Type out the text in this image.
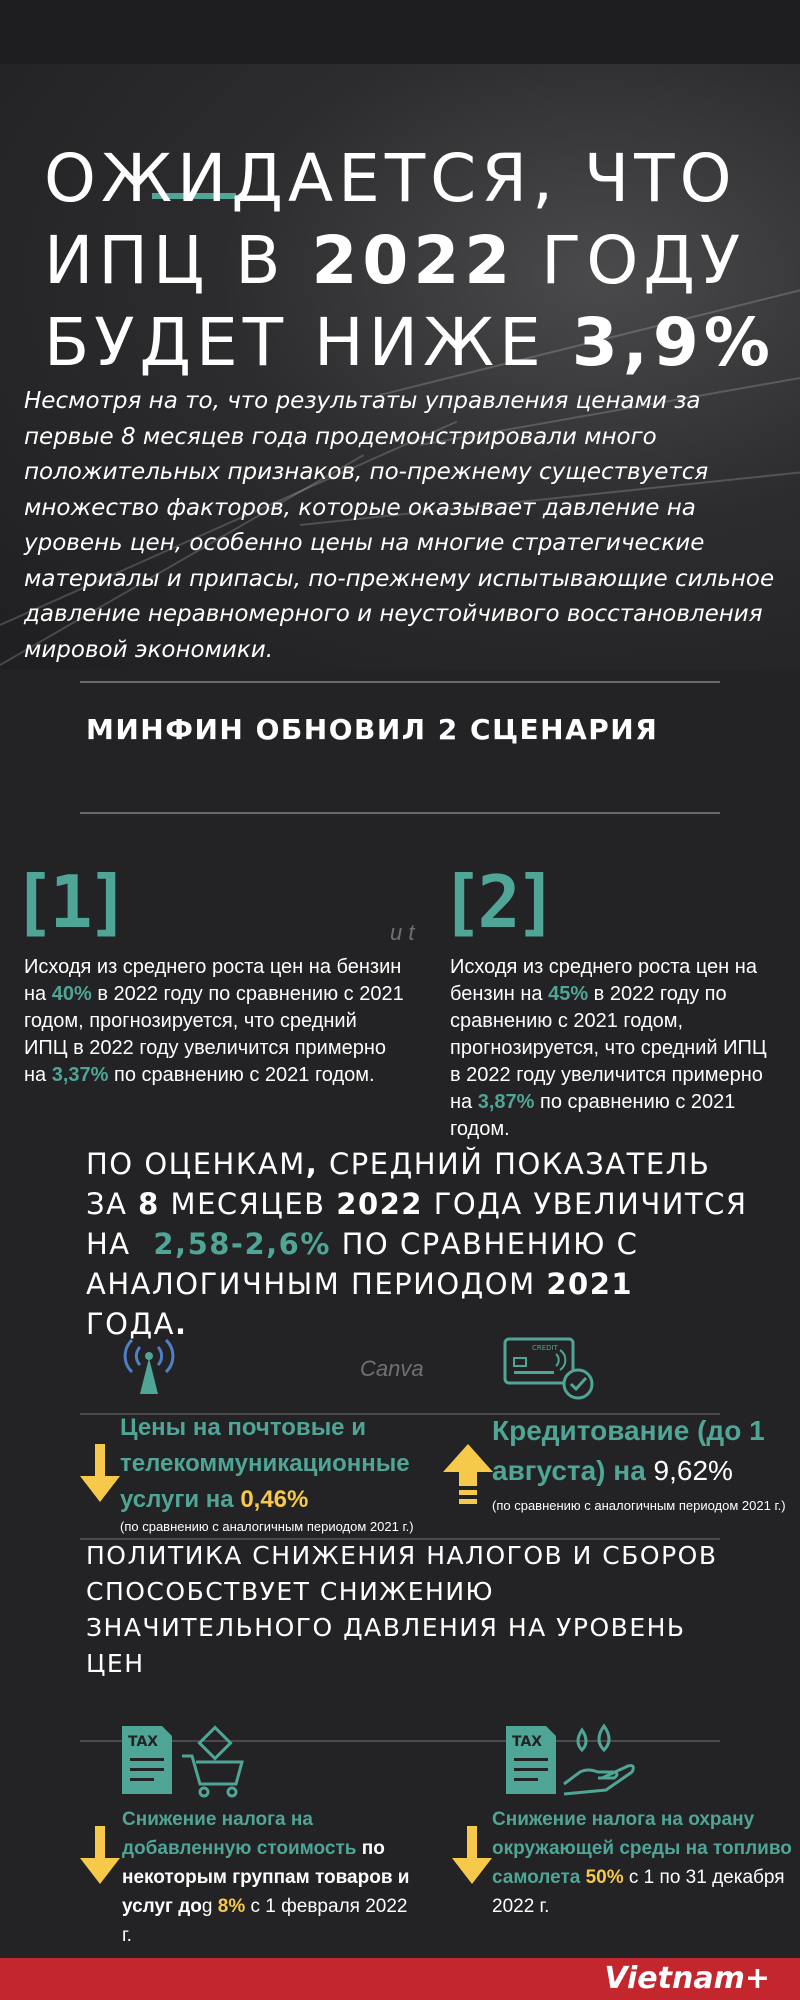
ОЖИДАЕТСЯ, ЧТО
ИПЦ В 2022 ГОДУ
БУДЕТ НИЖЕ 3,9%

Несмотря на то, что результаты управления ценами за первые 8 месяцев года продемонстрировали много положительных признаков, по-прежнему существуется множество факторов, которые оказывает давление на уровень цен, особенно цены на многие стратегические материалы и припасы, по-прежнему испытывающие сильное давление неравномерного и неустойчивого восстановления мировой экономики.

МИНФИН ОБНОВИЛ 2 СЦЕНАРИЯ
u t
[1]

Исходя из среднего роста цен на бензин на 40% в 2022 году по сравнению с 2021 годом, прогнозируется, что средний ИПЦ в 2022 году увеличится примерно на 3,37% по сравнению с 2021 годом.

[2]

Исходя из среднего роста цен на бензин на 45% в 2022 году по сравнению с 2021 годом, прогнозируется, что средний ИПЦ в 2022 году увеличится примерно на 3,87% по сравнению с 2021 годом.

ПО ОЦЕНКАМ, СРЕДНИЙ ПОКАЗАТЕЛЬ
ЗА 8 МЕСЯЦЕВ 2022 ГОДА УВЕЛИЧИТСЯ
НА 2,58-2,6% ПО СРАВНЕНИЮ С
АНАЛОГИЧНЫМ ПЕРИОДОМ 2021
ГОДА.
Canva
CREDIT

Цены на почтовые и телекоммуникационные услуги на 0,46%

(по сравнению с аналогичным периодом 2021 г.)

Кредитование (до 1 августа) на 9,62%

(по сравнению с аналогичным периодом 2021 г.)

ПОЛИТИКА СНИЖЕНИЯ НАЛОГОВ И СБОРОВ СПОСОБСТВУЕТ СНИЖЕНИЮ ЗНАЧИТЕЛЬНОГО ДАВЛЕНИЯ НА УРОВЕНЬ ЦЕН
TAX	TAX

Снижение налога на добавленную стоимость по некоторым группам товаров и услуг доg 8% с 1 февраля 2022 г.

Снижение налога на охрану окружающей среды на топливо самолета 50% с 1 по 31 декабря 2022 г.

Vietnam+
